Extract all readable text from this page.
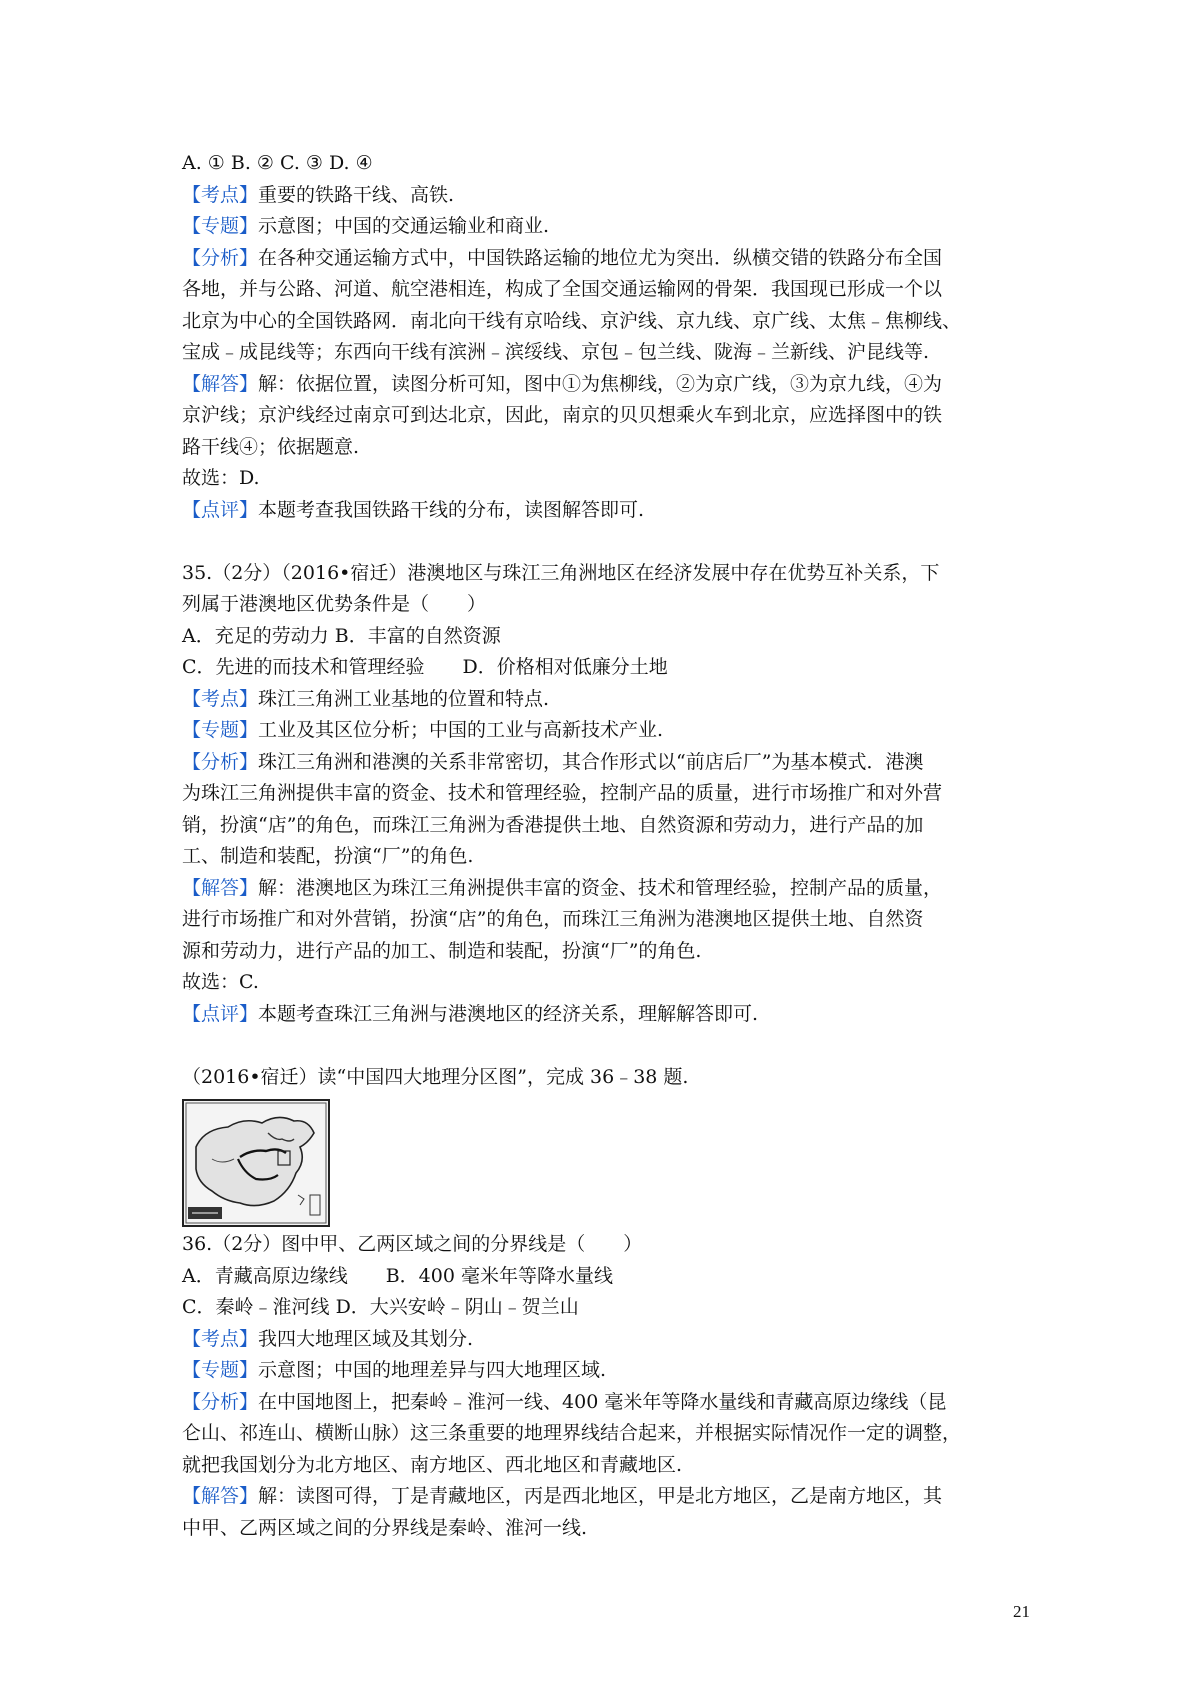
A. ① B. ② C. ③ D. ④
【考点】重要的铁路干线、高铁.
【专题】示意图；中国的交通运输业和商业.
【分析】在各种交通运输方式中，中国铁路运输的地位尤为突出．纵横交错的铁路分布全国
各地，并与公路、河道、航空港相连，构成了全国交通运输网的骨架．我国现已形成一个以
北京为中心的全国铁路网．南北向干线有京哈线、京沪线、京九线、京广线、太焦﹣焦柳线、
宝成﹣成昆线等；东西向干线有滨洲﹣滨绥线、京包﹣包兰线、陇海﹣兰新线、沪昆线等.
【解答】解：依据位置，读图分析可知，图中①为焦柳线，②为京广线，③为京九线，④为
京沪线；京沪线经过南京可到达北京，因此，南京的贝贝想乘火车到北京，应选择图中的铁
路干线④；依据题意.
故选：D.
【点评】本题考查我国铁路干线的分布，读图解答即可.
35.（2分）（2016•宿迁）港澳地区与珠江三角洲地区在经济发展中存在优势互补关系，下
列属于港澳地区优势条件是（　　）
A．充足的劳动力 B．丰富的自然资源
C．先进的而技术和管理经验　　D．价格相对低廉分土地
【考点】珠江三角洲工业基地的位置和特点.
【专题】工业及其区位分析；中国的工业与高新技术产业.
【分析】珠江三角洲和港澳的关系非常密切，其合作形式以“前店后厂”为基本模式．港澳
为珠江三角洲提供丰富的资金、技术和管理经验，控制产品的质量，进行市场推广和对外营
销，扮演“店”的角色，而珠江三角洲为香港提供土地、自然资源和劳动力，进行产品的加
工、制造和装配，扮演“厂”的角色.
【解答】解：港澳地区为珠江三角洲提供丰富的资金、技术和管理经验，控制产品的质量，
进行市场推广和对外营销，扮演“店”的角色，而珠江三角洲为港澳地区提供土地、自然资
源和劳动力，进行产品的加工、制造和装配，扮演“厂”的角色.
故选：C.
【点评】本题考查珠江三角洲与港澳地区的经济关系，理解解答即可.
（2016•宿迁）读“中国四大地理分区图”，完成 36﹣38 题.
36.（2分）图中甲、乙两区域之间的分界线是（　　）
A．青藏高原边缘线　　B．400 毫米年等降水量线
C．秦岭﹣淮河线 D．大兴安岭﹣阴山﹣贺兰山
【考点】我四大地理区域及其划分.
【专题】示意图；中国的地理差异与四大地理区域.
【分析】在中国地图上，把秦岭﹣淮河一线、400 毫米年等降水量线和青藏高原边缘线（昆
仑山、祁连山、横断山脉）这三条重要的地理界线结合起来，并根据实际情况作一定的调整，
就把我国划分为北方地区、南方地区、西北地区和青藏地区.
【解答】解：读图可得，丁是青藏地区，丙是西北地区，甲是北方地区，乙是南方地区，其
中甲、乙两区域之间的分界线是秦岭、淮河一线.
21
